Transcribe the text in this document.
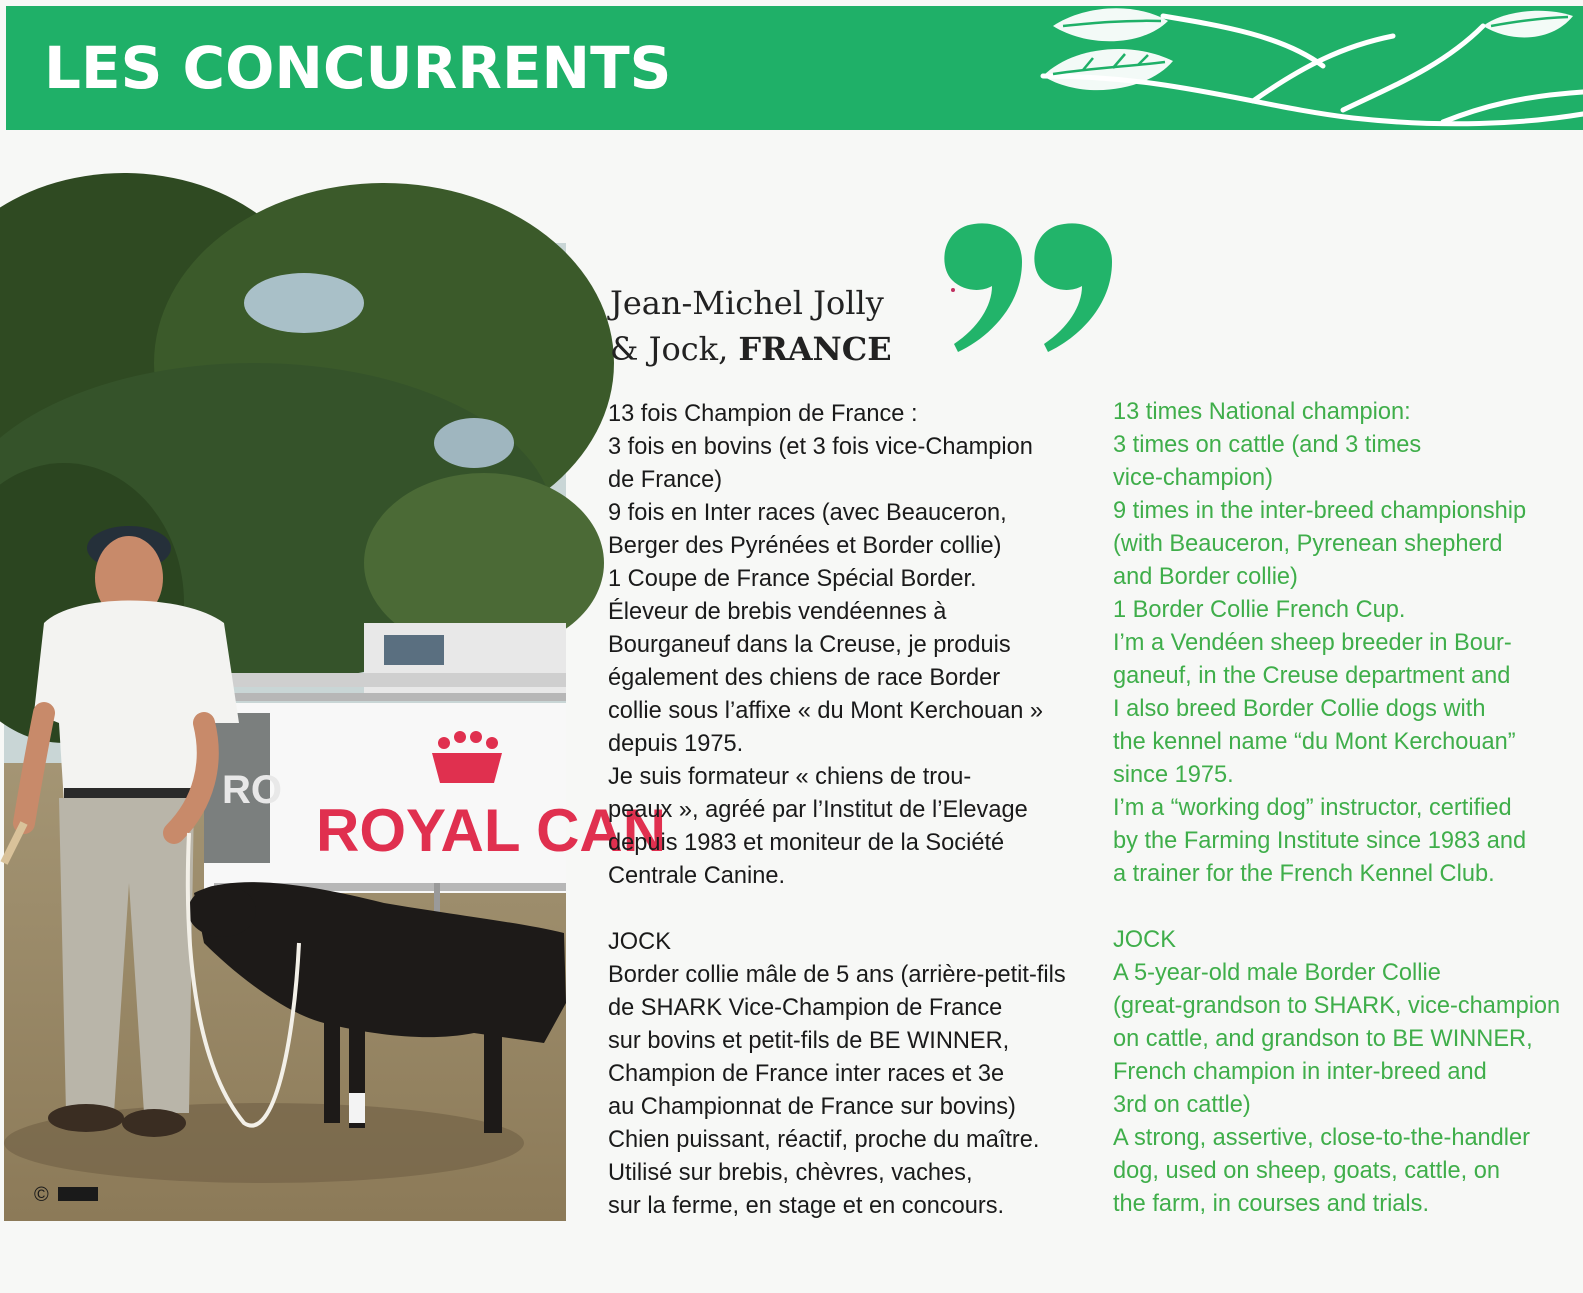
LES CONCURRENTS
RO
ROYAL CAN
©
Jean-Michel Jolly
& Jock, FRANCE
13 fois Champion de France :
3 fois en bovins (et 3 fois vice-Champion
de France)
9 fois en Inter races (avec Beauceron,
Berger des Pyrénées et Border collie)
1 Coupe de France Spécial Border.
Éleveur de brebis vendéennes à
Bourganeuf dans la Creuse, je produis
également des chiens de race Border
collie sous l’affixe « du Mont Kerchouan »
depuis 1975.
Je suis formateur « chiens de trou-
peaux », agréé par l’Institut de l’Elevage
depuis 1983 et moniteur de la Société
Centrale Canine.
JOCK
Border collie mâle de 5 ans (arrière-petit-fils
de SHARK Vice-Champion de France
sur bovins et petit-fils de BE WINNER,
Champion de France inter races et 3e
au Championnat de France sur bovins)
Chien puissant, réactif, proche du maître.
Utilisé sur brebis, chèvres, vaches,
sur la ferme, en stage et en concours.
13 times National champion:
3 times on cattle (and 3 times
vice-champion)
9 times in the inter-breed championship
(with Beauceron, Pyrenean shepherd
and Border collie)
1 Border Collie French Cup.
I’m a Vendéen sheep breeder in Bour-
ganeuf, in the Creuse department and
I also breed Border Collie dogs with
the kennel name “du Mont Kerchouan”
since 1975.
I’m a “working dog” instructor, certified
by the Farming Institute since 1983 and
a trainer for the French Kennel Club.
JOCK
A 5-year-old male Border Collie
(great-grandson to SHARK, vice-champion
on cattle, and grandson to BE WINNER,
French champion in inter-breed and
3rd on cattle)
A strong, assertive, close-to-the-handler
dog, used on sheep, goats, cattle, on
the farm, in courses and trials.
